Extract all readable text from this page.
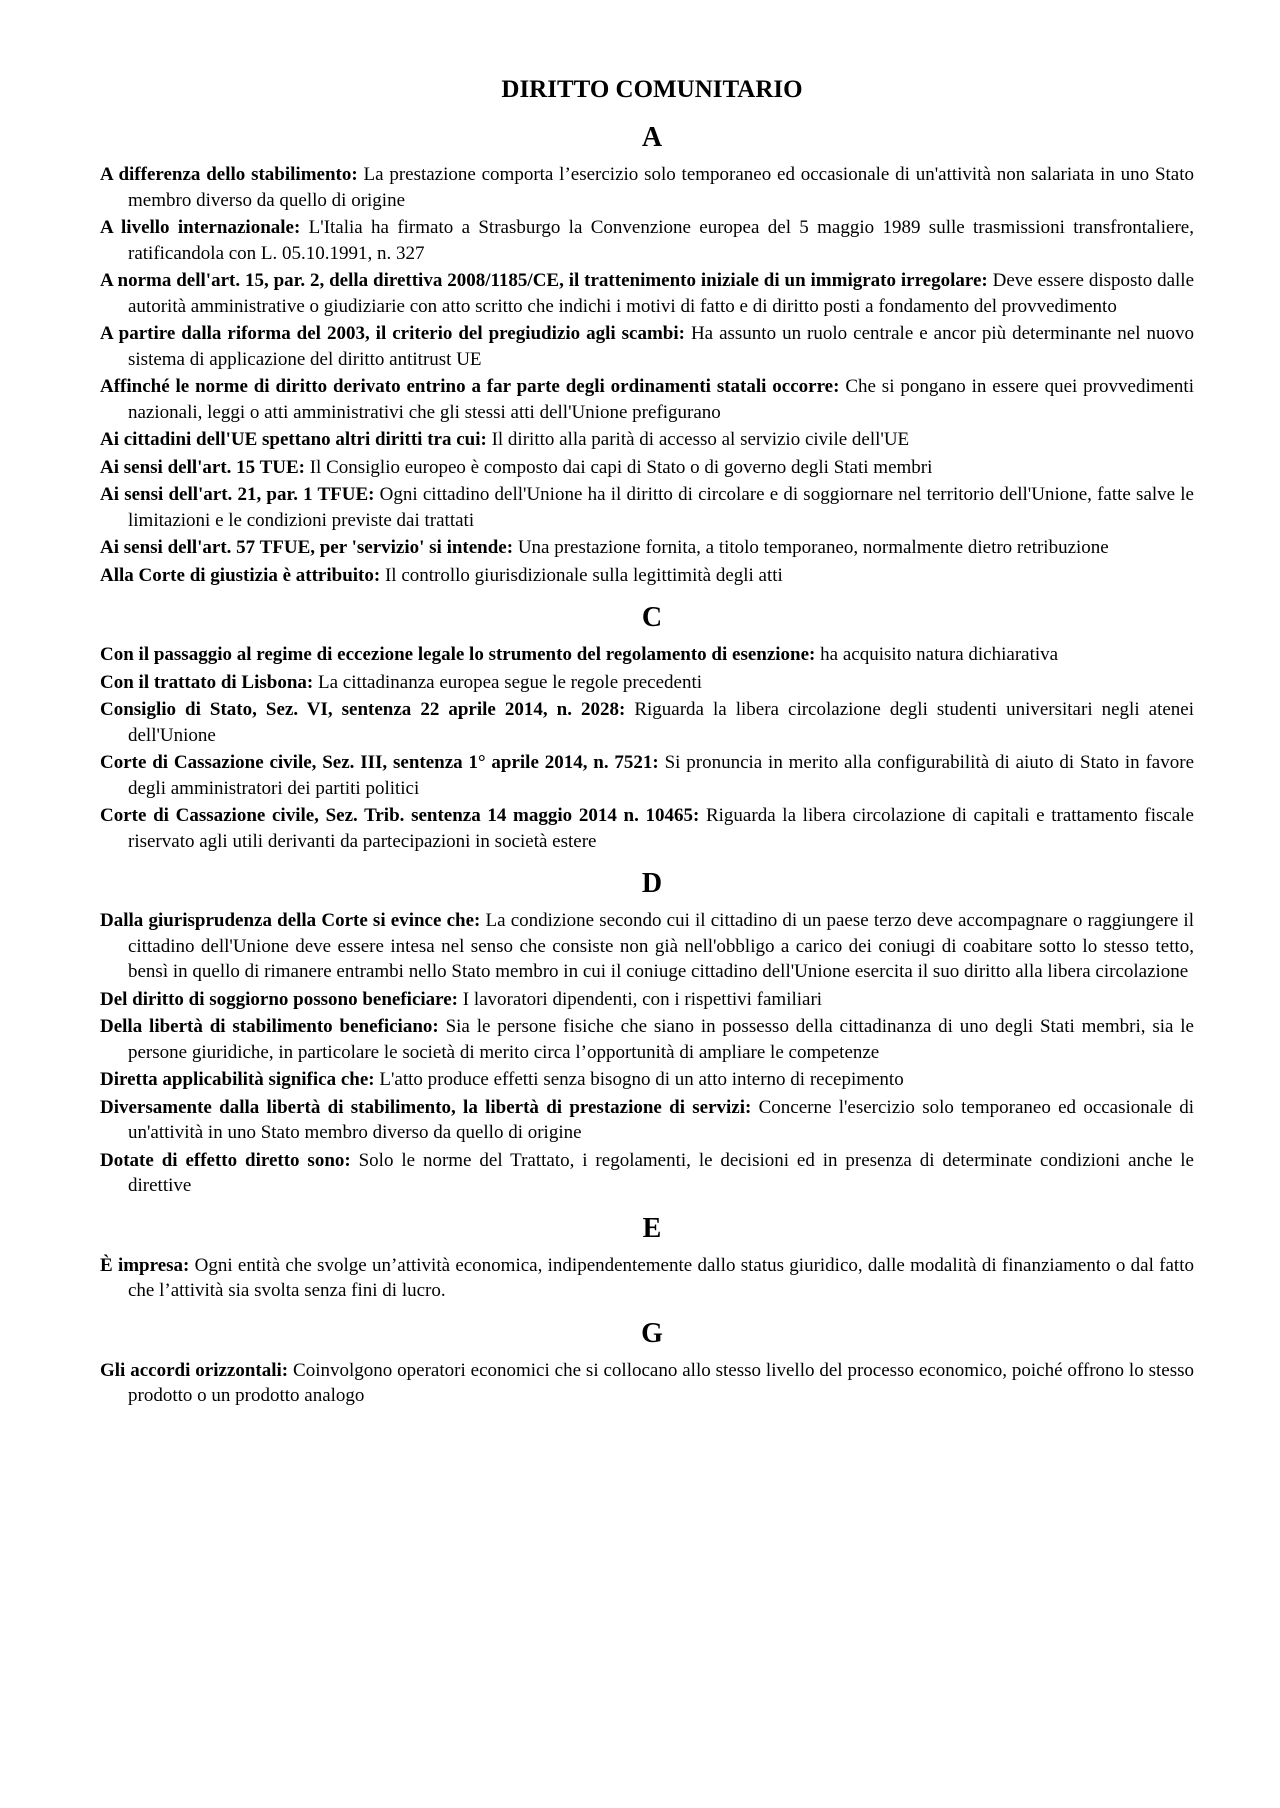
DIRITTO COMUNITARIO
A

A differenza dello stabilimento: La prestazione comporta l’esercizio solo temporaneo ed occasionale di un'attività non salariata in uno Stato membro diverso da quello di origine

A livello internazionale: L'Italia ha firmato a Strasburgo la Convenzione europea del 5 maggio 1989 sulle trasmissioni transfrontaliere, ratificandola con L. 05.10.1991, n. 327

A norma dell'art. 15, par. 2, della direttiva 2008/1185/CE, il trattenimento iniziale di un immigrato irregolare: Deve essere disposto dalle autorità amministrative o giudiziarie con atto scritto che indichi i motivi di fatto e di diritto posti a fondamento del provvedimento

A partire dalla riforma del 2003, il criterio del pregiudizio agli scambi: Ha assunto un ruolo centrale e ancor più determinante nel nuovo sistema di applicazione del diritto antitrust UE

Affinché le norme di diritto derivato entrino a far parte degli ordinamenti statali occorre: Che si pongano in essere quei provvedimenti nazionali, leggi o atti amministrativi che gli stessi atti dell'Unione prefigurano

Ai cittadini dell'UE spettano altri diritti tra cui: Il diritto alla parità di accesso al servizio civile dell'UE

Ai sensi dell'art. 15 TUE: Il Consiglio europeo è composto dai capi di Stato o di governo degli Stati membri

Ai sensi dell'art. 21, par. 1 TFUE: Ogni cittadino dell'Unione ha il diritto di circolare e di soggiornare nel territorio dell'Unione, fatte salve le limitazioni e le condizioni previste dai trattati

Ai sensi dell'art. 57 TFUE, per 'servizio' si intende: Una prestazione fornita, a titolo temporaneo, normalmente dietro retribuzione

Alla Corte di giustizia è attribuito: Il controllo giurisdizionale sulla legittimità degli atti

C

Con il passaggio al regime di eccezione legale lo strumento del regolamento di esenzione: ha acquisito natura dichiarativa

Con il trattato di Lisbona: La cittadinanza europea segue le regole precedenti

Consiglio di Stato, Sez. VI, sentenza 22 aprile 2014, n. 2028: Riguarda la libera circolazione degli studenti universitari negli atenei dell'Unione

Corte di Cassazione civile, Sez. III, sentenza 1° aprile 2014, n. 7521: Si pronuncia in merito alla configurabilità di aiuto di Stato in favore degli amministratori dei partiti politici

Corte di Cassazione civile, Sez. Trib. sentenza 14 maggio 2014 n. 10465: Riguarda la libera circolazione di capitali e trattamento fiscale riservato agli utili derivanti da partecipazioni in società estere

D

Dalla giurisprudenza della Corte si evince che: La condizione secondo cui il cittadino di un paese terzo deve accompagnare o raggiungere il cittadino dell'Unione deve essere intesa nel senso che consiste non già nell'obbligo a carico dei coniugi di coabitare sotto lo stesso tetto, bensì in quello di rimanere entrambi nello Stato membro in cui il coniuge cittadino dell'Unione esercita il suo diritto alla libera circolazione

Del diritto di soggiorno possono beneficiare: I lavoratori dipendenti, con i rispettivi familiari

Della libertà di stabilimento beneficiano: Sia le persone fisiche che siano in possesso della cittadinanza di uno degli Stati membri, sia le persone giuridiche, in particolare le società di merito circa l’opportunità di ampliare le competenze

Diretta applicabilità significa che: L'atto produce effetti senza bisogno di un atto interno di recepimento

Diversamente dalla libertà di stabilimento, la libertà di prestazione di servizi: Concerne l'esercizio solo temporaneo ed occasionale di un'attività in uno Stato membro diverso da quello di origine

Dotate di effetto diretto sono: Solo le norme del Trattato, i regolamenti, le decisioni ed in presenza di determinate condizioni anche le direttive

E

È impresa: Ogni entità che svolge un’attività economica, indipendentemente dallo status giuridico, dalle modalità di finanziamento o dal fatto che l’attività sia svolta senza fini di lucro.

G

Gli accordi orizzontali: Coinvolgono operatori economici che si collocano allo stesso livello del processo economico, poiché offrono lo stesso prodotto o un prodotto analogo
